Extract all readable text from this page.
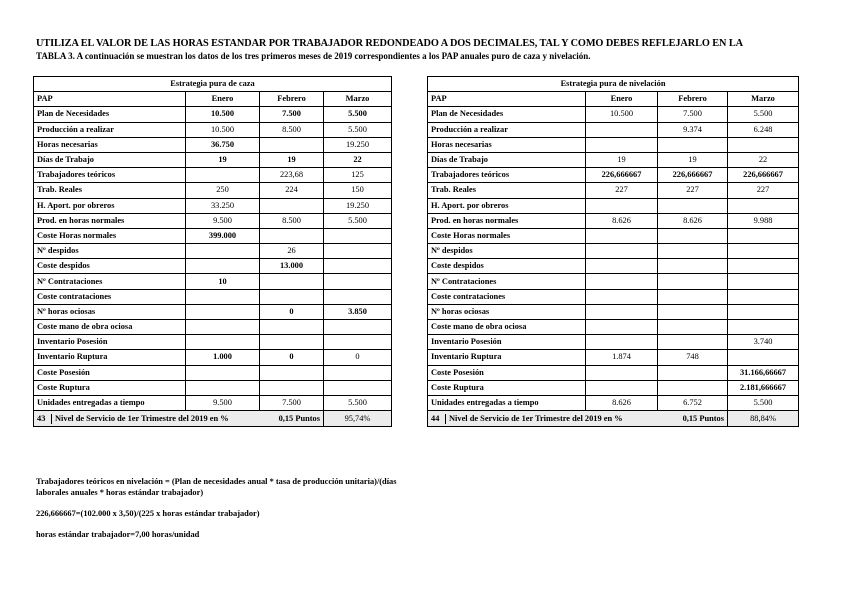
UTILIZA EL VALOR DE LAS HORAS ESTANDAR POR TRABAJADOR REDONDEADO A DOS DECIMALES, TAL Y COMO DEBES REFLEJARLO EN LA
TABLA 3. A continuación se muestran los datos de los tres primeros meses de 2019 correspondientes a los PAP anuales puro de caza y nivelación.
Estrategia pura de caza			
PAP	Enero	Febrero	Marzo
Plan de Necesidades	10.500	7.500	5.500
Producción a realizar	10.500	8.500	5.500
Horas necesarias	36.750		19.250
Días de Trabajo	19	19	22
Trabajadores teóricos		223,68	125
Trab. Reales	250	224	150
H. Aport. por obreros	33.250		19.250
Prod. en horas normales	9.500	8.500	5.500
Coste Horas normales	399.000		
Nº despidos		26	
Coste despidos		13.000	
Nº Contrataciones	10		
Coste contrataciones			
Nº horas ociosas		0	3.850
Coste mano de obra ociosa			
Inventario Posesión			
Inventario Ruptura	1.000	0	0
Coste Posesión			
Coste Ruptura			
Unidades entregadas a tiempo	9.500	7.500	5.500
43 Nivel de Servicio de 1er Trimestre del 2019 en % 0,15 Puntos			95,74%
Estrategia pura de nivelación			
PAP	Enero	Febrero	Marzo
Plan de Necesidades	10.500	7.500	5.500
Producción a realizar		9.374	6.248
Horas necesarias			
Días de Trabajo	19	19	22
Trabajadores teóricos	226,666667	226,666667	226,666667
Trab. Reales	227	227	227
H. Aport. por obreros			
Prod. en horas normales	8.626	8.626	9.988
Coste Horas normales			
Nº despidos			
Coste despidos			
Nº Contrataciones			
Coste contrataciones			
Nº horas ociosas			
Coste mano de obra ociosa			
Inventario Posesión			3.740
Inventario Ruptura	1.874	748	
Coste Posesión			31.166,66667
Coste Ruptura			2.181,666667
Unidades entregadas a tiempo	8.626	6.752	5.500
44 Nivel de Servicio de 1er Trimestre del 2019 en % 0,15 Puntos			88,84%

Trabajadores teóricos en nivelación = (Plan de necesidades anual * tasa de producción unitaria)/(días laborales anuales * horas estándar trabajador)

226,666667=(102.000 x 3,50)/(225 x horas estándar trabajador)

horas estándar trabajador=7,00 horas/unidad
